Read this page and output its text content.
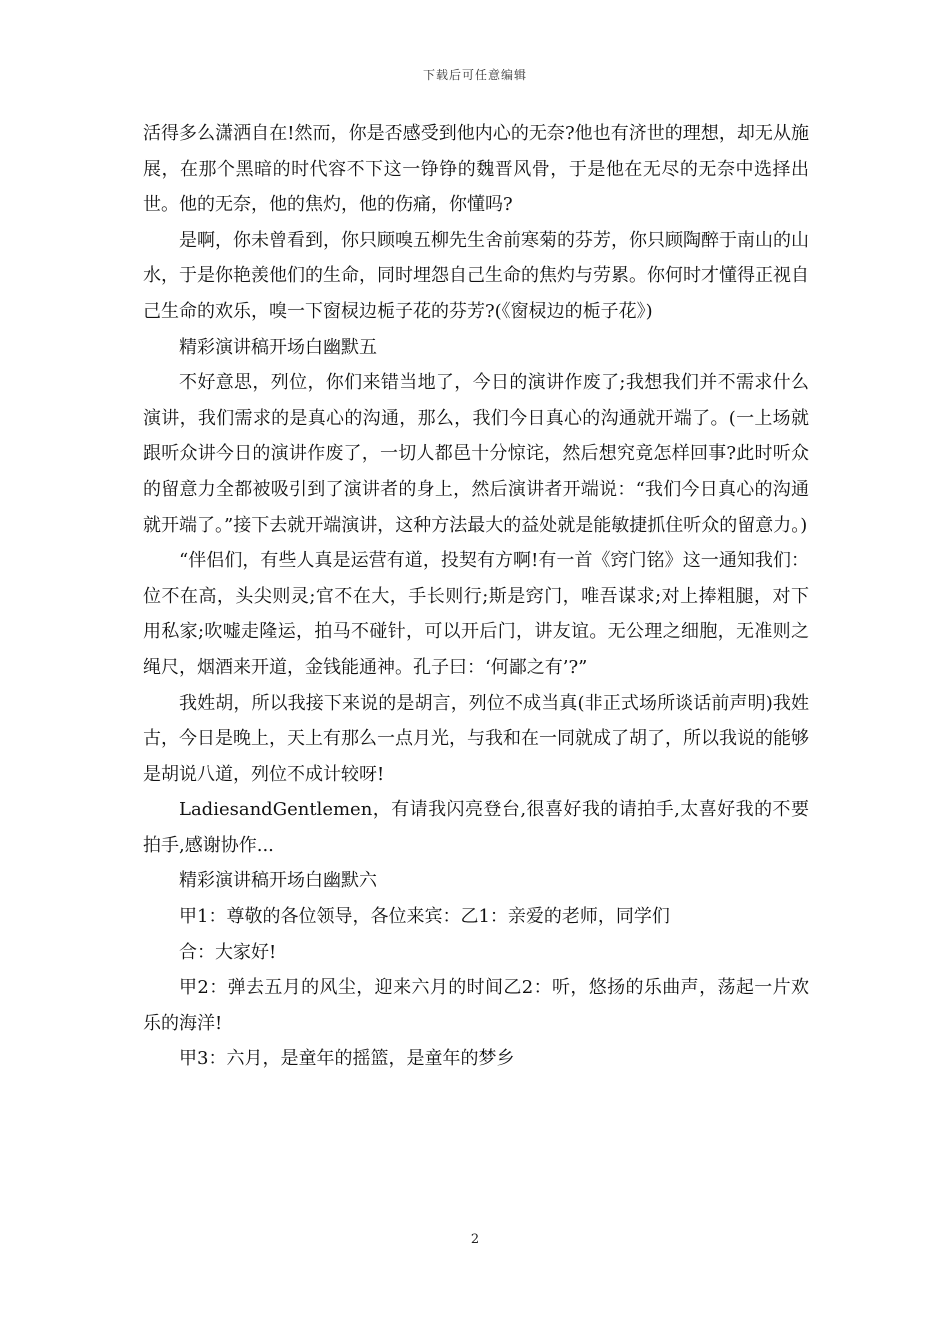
下载后可任意编辑

活得多么潇洒自在!然而，你是否感受到他内心的无奈?他也有济世的理想，却无从施展，在那个黑暗的时代容不下这一铮铮的魏晋风骨，于是他在无尽的无奈中选择出世。他的无奈，他的焦灼，他的伤痛，你懂吗?

是啊，你未曾看到，你只顾嗅五柳先生舍前寒菊的芬芳，你只顾陶醉于南山的山水，于是你艳羡他们的生命，同时埋怨自己生命的焦灼与劳累。你何时才懂得正视自己生命的欢乐，嗅一下窗棂边栀子花的芬芳?(《窗棂边的栀子花》)

精彩演讲稿开场白幽默五

不好意思，列位，你们来错当地了，今日的演讲作废了;我想我们并不需求什么演讲，我们需求的是真心的沟通，那么，我们今日真心的沟通就开端了。(一上场就跟听众讲今日的演讲作废了，一切人都邑十分惊诧，然后想究竟怎样回事?此时听众的留意力全都被吸引到了演讲者的身上，然后演讲者开端说：“我们今日真心的沟通就开端了。”接下去就开端演讲，这种方法最大的益处就是能敏捷抓住听众的留意力。)

“伴侣们，有些人真是运营有道，投契有方啊!有一首《窍门铭》这一通知我们：位不在高，头尖则灵;官不在大，手长则行;斯是窍门，唯吾谋求;对上捧粗腿，对下用私家;吹嘘走隆运，拍马不碰针，可以开后门，讲友谊。无公理之细胞，无准则之绳尺，烟酒来开道，金钱能通神。孔子曰：‘何鄙之有’?”

我姓胡，所以我接下来说的是胡言，列位不成当真(非正式场所谈话前声明)我姓古，今日是晚上，天上有那么一点月光，与我和在一同就成了胡了，所以我说的能够是胡说八道，列位不成计较呀!

LadiesandGentlemen，有请我闪亮登台,很喜好我的请拍手,太喜好我的不要拍手,感谢协作...

精彩演讲稿开场白幽默六

甲1：尊敬的各位领导，各位来宾：乙1：亲爱的老师，同学们

合：大家好!

甲2：弹去五月的风尘，迎来六月的时间乙2：听，悠扬的乐曲声，荡起一片欢乐的海洋!

甲3：六月，是童年的摇篮，是童年的梦乡

2
